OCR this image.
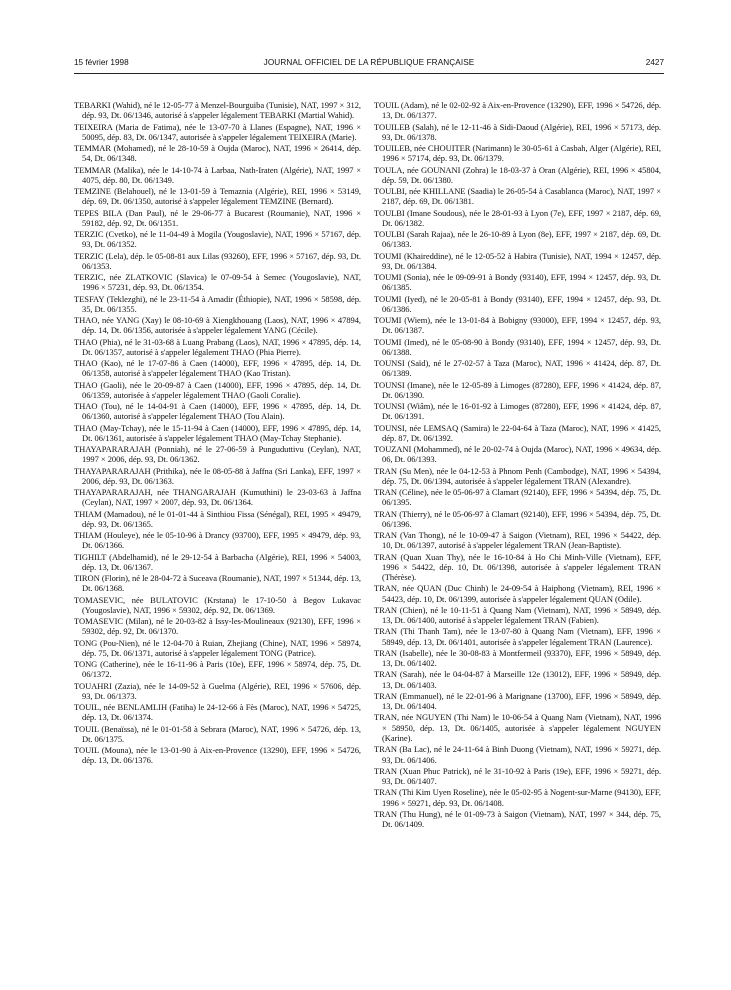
15 février 1998	JOURNAL OFFICIEL DE LA RÉPUBLIQUE FRANÇAISE	2427

TEBARKI (Wahid), né le 12-05-77 à Menzel-Bourguiba (Tunisie), NAT, 1997 × 312, dép. 93, Dt. 06/1346, autorisé à s'appeler légalement TEBARKI (Martial Wahid).

TEIXEIRA (Maria de Fatima), née le 13-07-70 à Llanes (Espagne), NAT, 1996 × 50095, dép. 83, Dt. 06/1347, autorisée à s'appeler légalement TEIXEIRA (Marie).

TEMMAR (Mohamed), né le 28-10-59 à Oujda (Maroc), NAT, 1996 × 26414, dép. 54, Dt. 06/1348.

TEMMAR (Malika), née le 14-10-74 à Larbaa, Nath-Iraten (Algérie), NAT, 1997 × 4075, dép. 80, Dt. 06/1349.

TEMZINE (Belahouel), né le 13-01-59 à Temaznia (Algérie), REI, 1996 × 53149, dép. 69, Dt. 06/1350, autorisé à s'appeler légalement TEMZINE (Bernard).

TEPES BILA (Dan Paul), né le 29-06-77 à Bucarest (Roumanie), NAT, 1996 × 59182, dép. 92, Dt. 06/1351.

TERZIC (Cvetko), né le 11-04-49 à Mogila (Yougoslavie), NAT, 1996 × 57167, dép. 93, Dt. 06/1352.

TERZIC (Lela), dép. le 05-08-81 aux Lilas (93260), EFF, 1996 × 57167, dép. 93, Dt. 06/1353.

TERZIC, née ZLATKOVIC (Slavica) le 07-09-54 à Semec (Yougoslavie), NAT, 1996 × 57231, dép. 93, Dt. 06/1354.

TESFAY (Teklezghi), né le 23-11-54 à Amadir (Éthiopie), NAT, 1996 × 58598, dép. 35, Dt. 06/1355.

THAO, née YANG (Xay) le 08-10-69 à Xiengkhouang (Laos), NAT, 1996 × 47894, dép. 14, Dt. 06/1356, autorisée à s'appeler légalement YANG (Cécile).

THAO (Phia), né le 31-03-68 à Luang Prabang (Laos), NAT, 1996 × 47895, dép. 14, Dt. 06/1357, autorisé à s'appeler légalement THAO (Phia Pierre).

THAO (Kao), né le 17-07-86 à Caen (14000), EFF, 1996 × 47895, dép. 14, Dt. 06/1358, autorisé à s'appeler légalement THAO (Kao Tristan).

THAO (Gaoli), née le 20-09-87 à Caen (14000), EFF, 1996 × 47895, dép. 14, Dt. 06/1359, autorisée à s'appeler légalement THAO (Gaoli Coralie).

THAO (Tou), né le 14-04-91 à Caen (14000), EFF, 1996 × 47895, dép. 14, Dt. 06/1360, autorisé à s'appeler légalement THAO (Tou Alain).

THAO (May-Tchay), née le 15-11-94 à Caen (14000), EFF, 1996 × 47895, dép. 14, Dt. 06/1361, autorisée à s'appeler légalement THAO (May-Tchay Stephanie).

THAYAPARARAJAH (Ponniah), né le 27-06-59 à Punguduttivu (Ceylan), NAT, 1997 × 2006, dép. 93, Dt. 06/1362.

THAYAPARARAJAH (Prithika), née le 08-05-88 à Jaffna (Sri Lanka), EFF, 1997 × 2006, dép. 93, Dt. 06/1363.

THAYAPARARAJAH, née THANGARAJAH (Kumuthini) le 23-03-63 à Jaffna (Ceylan), NAT, 1997 × 2007, dép. 93, Dt. 06/1364.

THIAM (Mamadou), né le 01-01-44 à Sinthiou Fissa (Sénégal), REI, 1995 × 49479, dép. 93, Dt. 06/1365.

THIAM (Houleye), née le 05-10-96 à Drancy (93700), EFF, 1995 × 49479, dép. 93, Dt. 06/1366.

TIGHILT (Abdelhamid), né le 29-12-54 à Barbacha (Algérie), REI, 1996 × 54003, dép. 13, Dt. 06/1367.

TIRON (Florin), né le 28-04-72 à Suceava (Roumanie), NAT, 1997 × 51344, dép. 13, Dt. 06/1368.

TOMASEVIC, née BULATOVIC (Krstana) le 17-10-50 à Begov Lukavac (Yougoslavie), NAT, 1996 × 59302, dép. 92, Dt. 06/1369.

TOMASEVIC (Milan), né le 20-03-82 à Issy-les-Moulineaux (92130), EFF, 1996 × 59302, dép. 92, Dt. 06/1370.

TONG (Pou-Nien), né le 12-04-70 à Ruian, Zhejiang (Chine), NAT, 1996 × 58974, dép. 75, Dt. 06/1371, autorisé à s'appeler légalement TONG (Patrice).

TONG (Catherine), née le 16-11-96 à Paris (10e), EFF, 1996 × 58974, dép. 75, Dt. 06/1372.

TOUAHRI (Zazia), née le 14-09-52 à Guelma (Algérie), REI, 1996 × 57606, dép. 93, Dt. 06/1373.

TOUIL, née BENLAMLIH (Fatiha) le 24-12-66 à Fès (Maroc), NAT, 1996 × 54725, dép. 13, Dt. 06/1374.

TOUIL (Benaïssa), né le 01-01-58 à Sebrara (Maroc), NAT, 1996 × 54726, dép. 13, Dt. 06/1375.

TOUIL (Mouna), née le 13-01-90 à Aix-en-Provence (13290), EFF, 1996 × 54726, dép. 13, Dt. 06/1376.

TOUIL (Adam), né le 02-02-92 à Aix-en-Provence (13290), EFF, 1996 × 54726, dép. 13, Dt. 06/1377.

TOUILEB (Salah), né le 12-11-46 à Sidi-Daoud (Algérie), REI, 1996 × 57173, dép. 93, Dt. 06/1378.

TOUILEB, née CHOUITER (Narimann) le 30-05-61 à Casbah, Alger (Algérie), REI, 1996 × 57174, dép. 93, Dt. 06/1379.

TOULA, née GOUNANI (Zohra) le 18-03-37 à Oran (Algérie), REI, 1996 × 45804, dép. 59, Dt. 06/1380.

TOULBI, née KHILLANE (Saadia) le 26-05-54 à Casablanca (Maroc), NAT, 1997 × 2187, dép. 69, Dt. 06/1381.

TOULBI (Imane Soudous), née le 28-01-93 à Lyon (7e), EFF, 1997 × 2187, dép. 69, Dt. 06/1382.

TOULBI (Sarah Rajaa), née le 26-10-89 à Lyon (8e), EFF, 1997 × 2187, dép. 69, Dt. 06/1383.

TOUMI (Khaireddine), né le 12-05-52 à Habira (Tunisie), NAT, 1994 × 12457, dép. 93, Dt. 06/1384.

TOUMI (Sonia), née le 09-09-91 à Bondy (93140), EFF, 1994 × 12457, dép. 93, Dt. 06/1385.

TOUMI (Iyed), né le 20-05-81 à Bondy (93140), EFF, 1994 × 12457, dép. 93, Dt. 06/1386.

TOUMI (Wiem), née le 13-01-84 à Bobigny (93000), EFF, 1994 × 12457, dép. 93, Dt. 06/1387.

TOUMI (Imed), né le 05-08-90 à Bondy (93140), EFF, 1994 × 12457, dép. 93, Dt. 06/1388.

TOUNSI (Saïd), né le 27-02-57 à Taza (Maroc), NAT, 1996 × 41424, dép. 87, Dt. 06/1389.

TOUNSI (Imane), née le 12-05-89 à Limoges (87280), EFF, 1996 × 41424, dép. 87, Dt. 06/1390.

TOUNSI (Wiâm), née le 16-01-92 à Limoges (87280), EFF, 1996 × 41424, dép. 87, Dt. 06/1391.

TOUNSI, née LEMSAQ (Samira) le 22-04-64 à Taza (Maroc), NAT, 1996 × 41425, dép. 87, Dt. 06/1392.

TOUZANI (Mohammed), né le 20-02-74 à Oujda (Maroc), NAT, 1996 × 49634, dép. 06, Dt. 06/1393.

TRAN (Su Men), née le 04-12-53 à Phnom Penh (Cambodge), NAT, 1996 × 54394, dép. 75, Dt. 06/1394, autorisée à s'appeler légalement TRAN (Alexandre).

TRAN (Céline), née le 05-06-97 à Clamart (92140), EFF, 1996 × 54394, dép. 75, Dt. 06/1395.

TRAN (Thierry), né le 05-06-97 à Clamart (92140), EFF, 1996 × 54394, dép. 75, Dt. 06/1396.

TRAN (Van Thong), né le 10-09-47 à Saigon (Vietnam), REI, 1996 × 54422, dép. 10, Dt. 06/1397, autorisé à s'appeler légalement TRAN (Jean-Baptiste).

TRAN (Quan Xuan Thy), née le 16-10-84 à Ho Chi Minh-Ville (Vietnam), EFF, 1996 × 54422, dép. 10, Dt. 06/1398, autorisée à s'appeler légalement TRAN (Thérèse).

TRAN, née QUAN (Duc Chinh) le 24-09-54 à Haiphong (Vietnam), REI, 1996 × 54423, dép. 10, Dt. 06/1399, autorisée à s'appeler légalement QUAN (Odile).

TRAN (Chien), né le 10-11-51 à Quang Nam (Vietnam), NAT, 1996 × 58949, dép. 13, Dt. 06/1400, autorisé à s'appeler légalement TRAN (Fabien).

TRAN (Thi Thanh Tam), née le 13-07-80 à Quang Nam (Vietnam), EFF, 1996 × 58949, dép. 13, Dt. 06/1401, autorisée à s'appeler légalement TRAN (Laurence).

TRAN (Isabelle), née le 30-08-83 à Montfermeil (93370), EFF, 1996 × 58949, dép. 13, Dt. 06/1402.

TRAN (Sarah), née le 04-04-87 à Marseille 12e (13012), EFF, 1996 × 58949, dép. 13, Dt. 06/1403.

TRAN (Emmanuel), né le 22-01-96 à Marignane (13700), EFF, 1996 × 58949, dép. 13, Dt. 06/1404.

TRAN, née NGUYEN (Thi Nam) le 10-06-54 à Quang Nam (Vietnam), NAT, 1996 × 58950, dép. 13, Dt. 06/1405, autorisée à s'appeler légalement NGUYEN (Karine).

TRAN (Ba Lac), né le 24-11-64 à Binh Duong (Vietnam), NAT, 1996 × 59271, dép. 93, Dt. 06/1406.

TRAN (Xuan Phuc Patrick), né le 31-10-92 à Paris (19e), EFF, 1996 × 59271, dép. 93, Dt. 06/1407.

TRAN (Thi Kim Uyen Roseline), née le 05-02-95 à Nogent-sur-Marne (94130), EFF, 1996 × 59271, dép. 93, Dt. 06/1408.

TRAN (Thu Hung), né le 01-09-73 à Saigon (Vietnam), NAT, 1997 × 344, dép. 75, Dt. 06/1409.
